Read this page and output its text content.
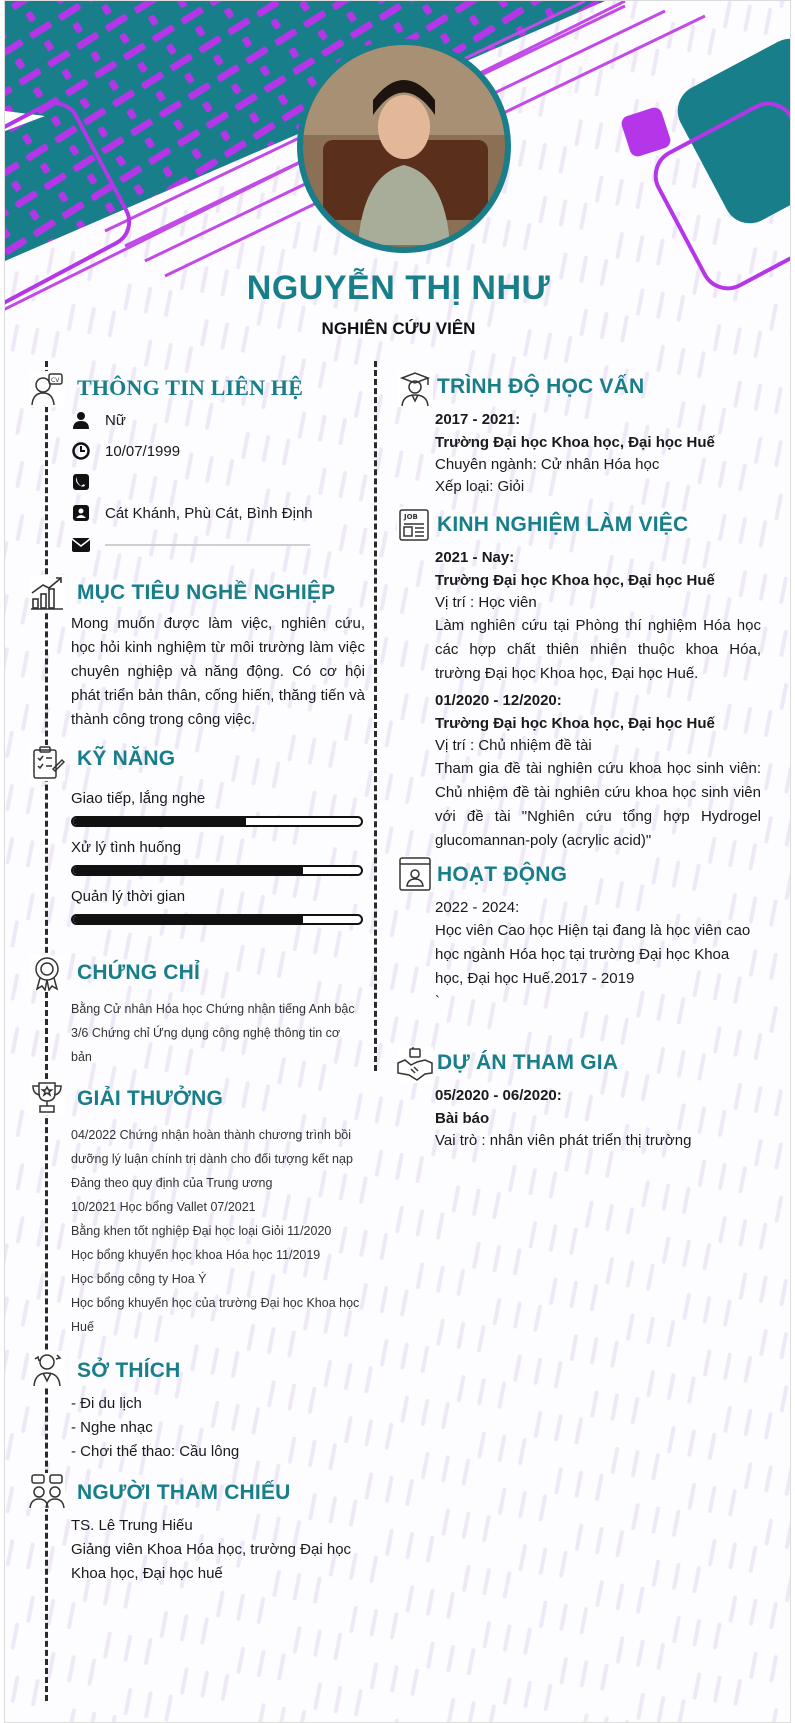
NGUYỄN THỊ NHƯ
NGHIÊN CỨU VIÊN
CV THÔNG TIN LIÊN HỆ
Nữ
10/07/1999
Cát Khánh, Phù Cát, Bình Định
MỤC TIÊU NGHỀ NGHIỆP
Mong muốn được làm việc, nghiên cứu, học hỏi kinh nghiệm từ môi trường làm việc chuyên nghiệp và năng động. Có cơ hội phát triển bản thân, cống hiến, thăng tiến và thành công trong công việc.
KỸ NĂNG
Giao tiếp, lắng nghe
Xử lý tình huống
Quản lý thời gian
CHỨNG CHỈ
Bằng Cử nhân Hóa học Chứng nhận tiếng Anh bậc
3/6 Chứng chỉ Ứng dụng công nghệ thông tin cơ
bản
GIẢI THƯỞNG
04/2022 Chứng nhận hoàn thành chương trình bồi
dưỡng lý luận chính trị dành cho đối tượng kết nạp
Đảng theo quy định của Trung ương
10/2021 Học bổng Vallet 07/2021
Bằng khen tốt nghiệp Đại học loại Giỏi 11/2020
Học bổng khuyến học khoa Hóa học 11/2019
Học bổng công ty Hoa Ý
Học bổng khuyến học của trường Đại học Khoa học
Huế
SỞ THÍCH
- Đi du lịch
- Nghe nhạc
- Chơi thể thao: Cầu lông
NGƯỜI THAM CHIẾU
TS. Lê Trung Hiếu
Giảng viên Khoa Hóa học, trường Đại học
Khoa học, Đại học huế
TRÌNH ĐỘ HỌC VẤN
2017 - 2021:
Trường Đại học Khoa học, Đại học Huế
Chuyên ngành: Cử nhân Hóa học
Xếp loại: Giỏi
JOB KINH NGHIỆM LÀM VIỆC
2021 - Nay:
Trường Đại học Khoa học, Đại học Huế
Vị trí : Học viên
Làm nghiên cứu tại Phòng thí nghiệm Hóa học các hợp chất thiên nhiên thuộc khoa Hóa, trường Đại học Khoa học, Đại học Huế.
01/2020 - 12/2020:
Trường Đại học Khoa học, Đại học Huế
Vị trí : Chủ nhiệm đề tài
Tham gia đề tài nghiên cứu khoa học sinh viên: Chủ nhiệm đề tài nghiên cứu khoa học sinh viên với đề tài "Nghiên cứu tổng hợp Hydrogel glucomannan-poly (acrylic acid)"
HOẠT ĐỘNG
2022 - 2024:
Học viên Cao học Hiện tại đang là học viên cao học ngành Hóa học tại trường Đại học Khoa học, Đại học Huế.2017 - 2019
`
DỰ ÁN THAM GIA
05/2020 - 06/2020:
Bài báo
Vai trò : nhân viên phát triển thị trường
